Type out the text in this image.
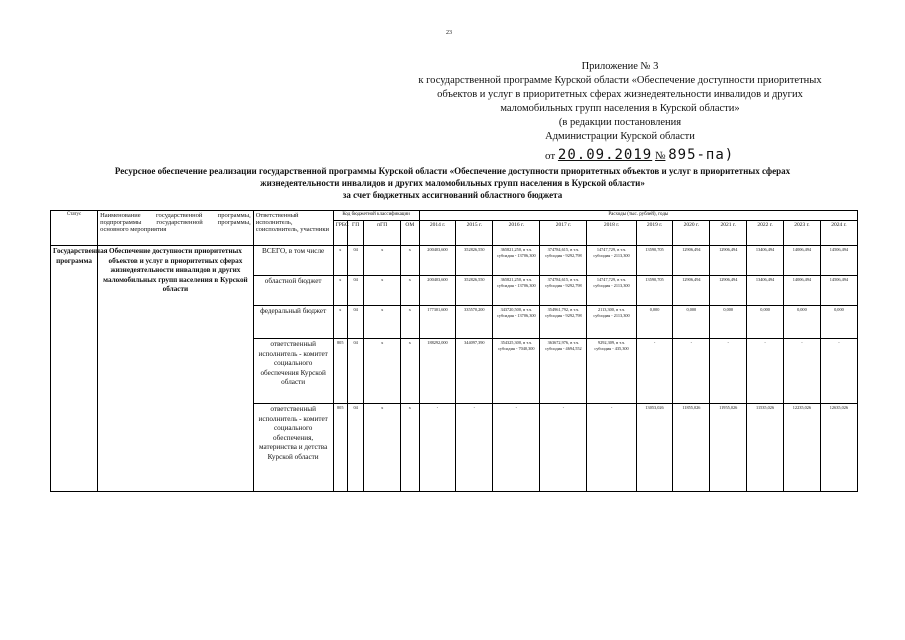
23
Приложение № 3
к государственной программе Курской области «Обеспечение доступности приоритетных
объектов и услуг в приоритетных сферах жизнедеятельности инвалидов и других
маломобильных групп населения в Курской области»
(в редакции постановления
Администрации Курской области
от 20.09.2019 № 895-па)
Ресурсное обеспечение реализации государственной программы Курской области «Обеспечение доступности приоритетных объектов и услуг в приоритетных сферах
жизнедеятельности инвалидов и других маломобильных групп населения в Курской области»
за счет бюджетных ассигнований областного бюджета
Статус	Наименование государственной программы, подпрограммы государственной программы, основного мероприятия	Ответственный исполнитель, соисполнитель, участники	Код бюджетной классификации				Расходы (тыс. рублей), годы										
			ГРБС	ГП	пГП	ОМ	2014 г.	2015 г.	2016 г.	2017 г.	2018 г.	2019 г.	2020 г.	2021 г.	2022 г.	2023 г.	2024 г.
Государственная программа	Обеспечение доступности приоритетных объектов и услуг в приоритетных сферах жизнедеятельности инвалидов и других маломобильных групп населения в Курской области	ВСЕГО, в том числе	х	04	х	х	200403,600	352826,550	365821,250, в т.ч. субсидия - 13706,300	374784,615, в т.ч. субсидия - 9292,798	14747,729, в т.ч. субсидия - 2113,300	13590,705	12906,494	12906,494	13406,494	14006,494	14506,494
		областной бюджет	х	04	х	х	200403,600	352826,550	365821,250, в т.ч. субсидия - 13706,300	374784,615, в т.ч. субсидия - 9292,798	14747,729, в т.ч. субсидия - 2113,300	13590,705	12906,494	12906,494	13406,494	14006,494	14506,494
		федеральный бюджет	х	04	х	х	177301,600	335570,200	343720,500, в т.ч. субсидия - 13706,300	354961,792, в т.ч. субсидия - 9292,798	2113,300, в т.ч. субсидия - 2113,300	0,000	0,000	0,000	0,000	0,000	0,000
		ответственный исполнитель - комитет социального обеспечения Курской области	805	04	х	х	188292,000	344097,390	354325,300, в т.ч. субсидия - 7040,300	363672,976, в т.ч. субсидия - 4694,552	9292,309, в т.ч. субсидия - 435,300	-	-	-	-	-	-
		ответственный исполнитель - комитет социального обеспечения, материнства и детства Курской области	805	04	х	х	-	-	-	-	-	13053,026	11855,026	11955,026	11535,026	12235,026	12635,026
